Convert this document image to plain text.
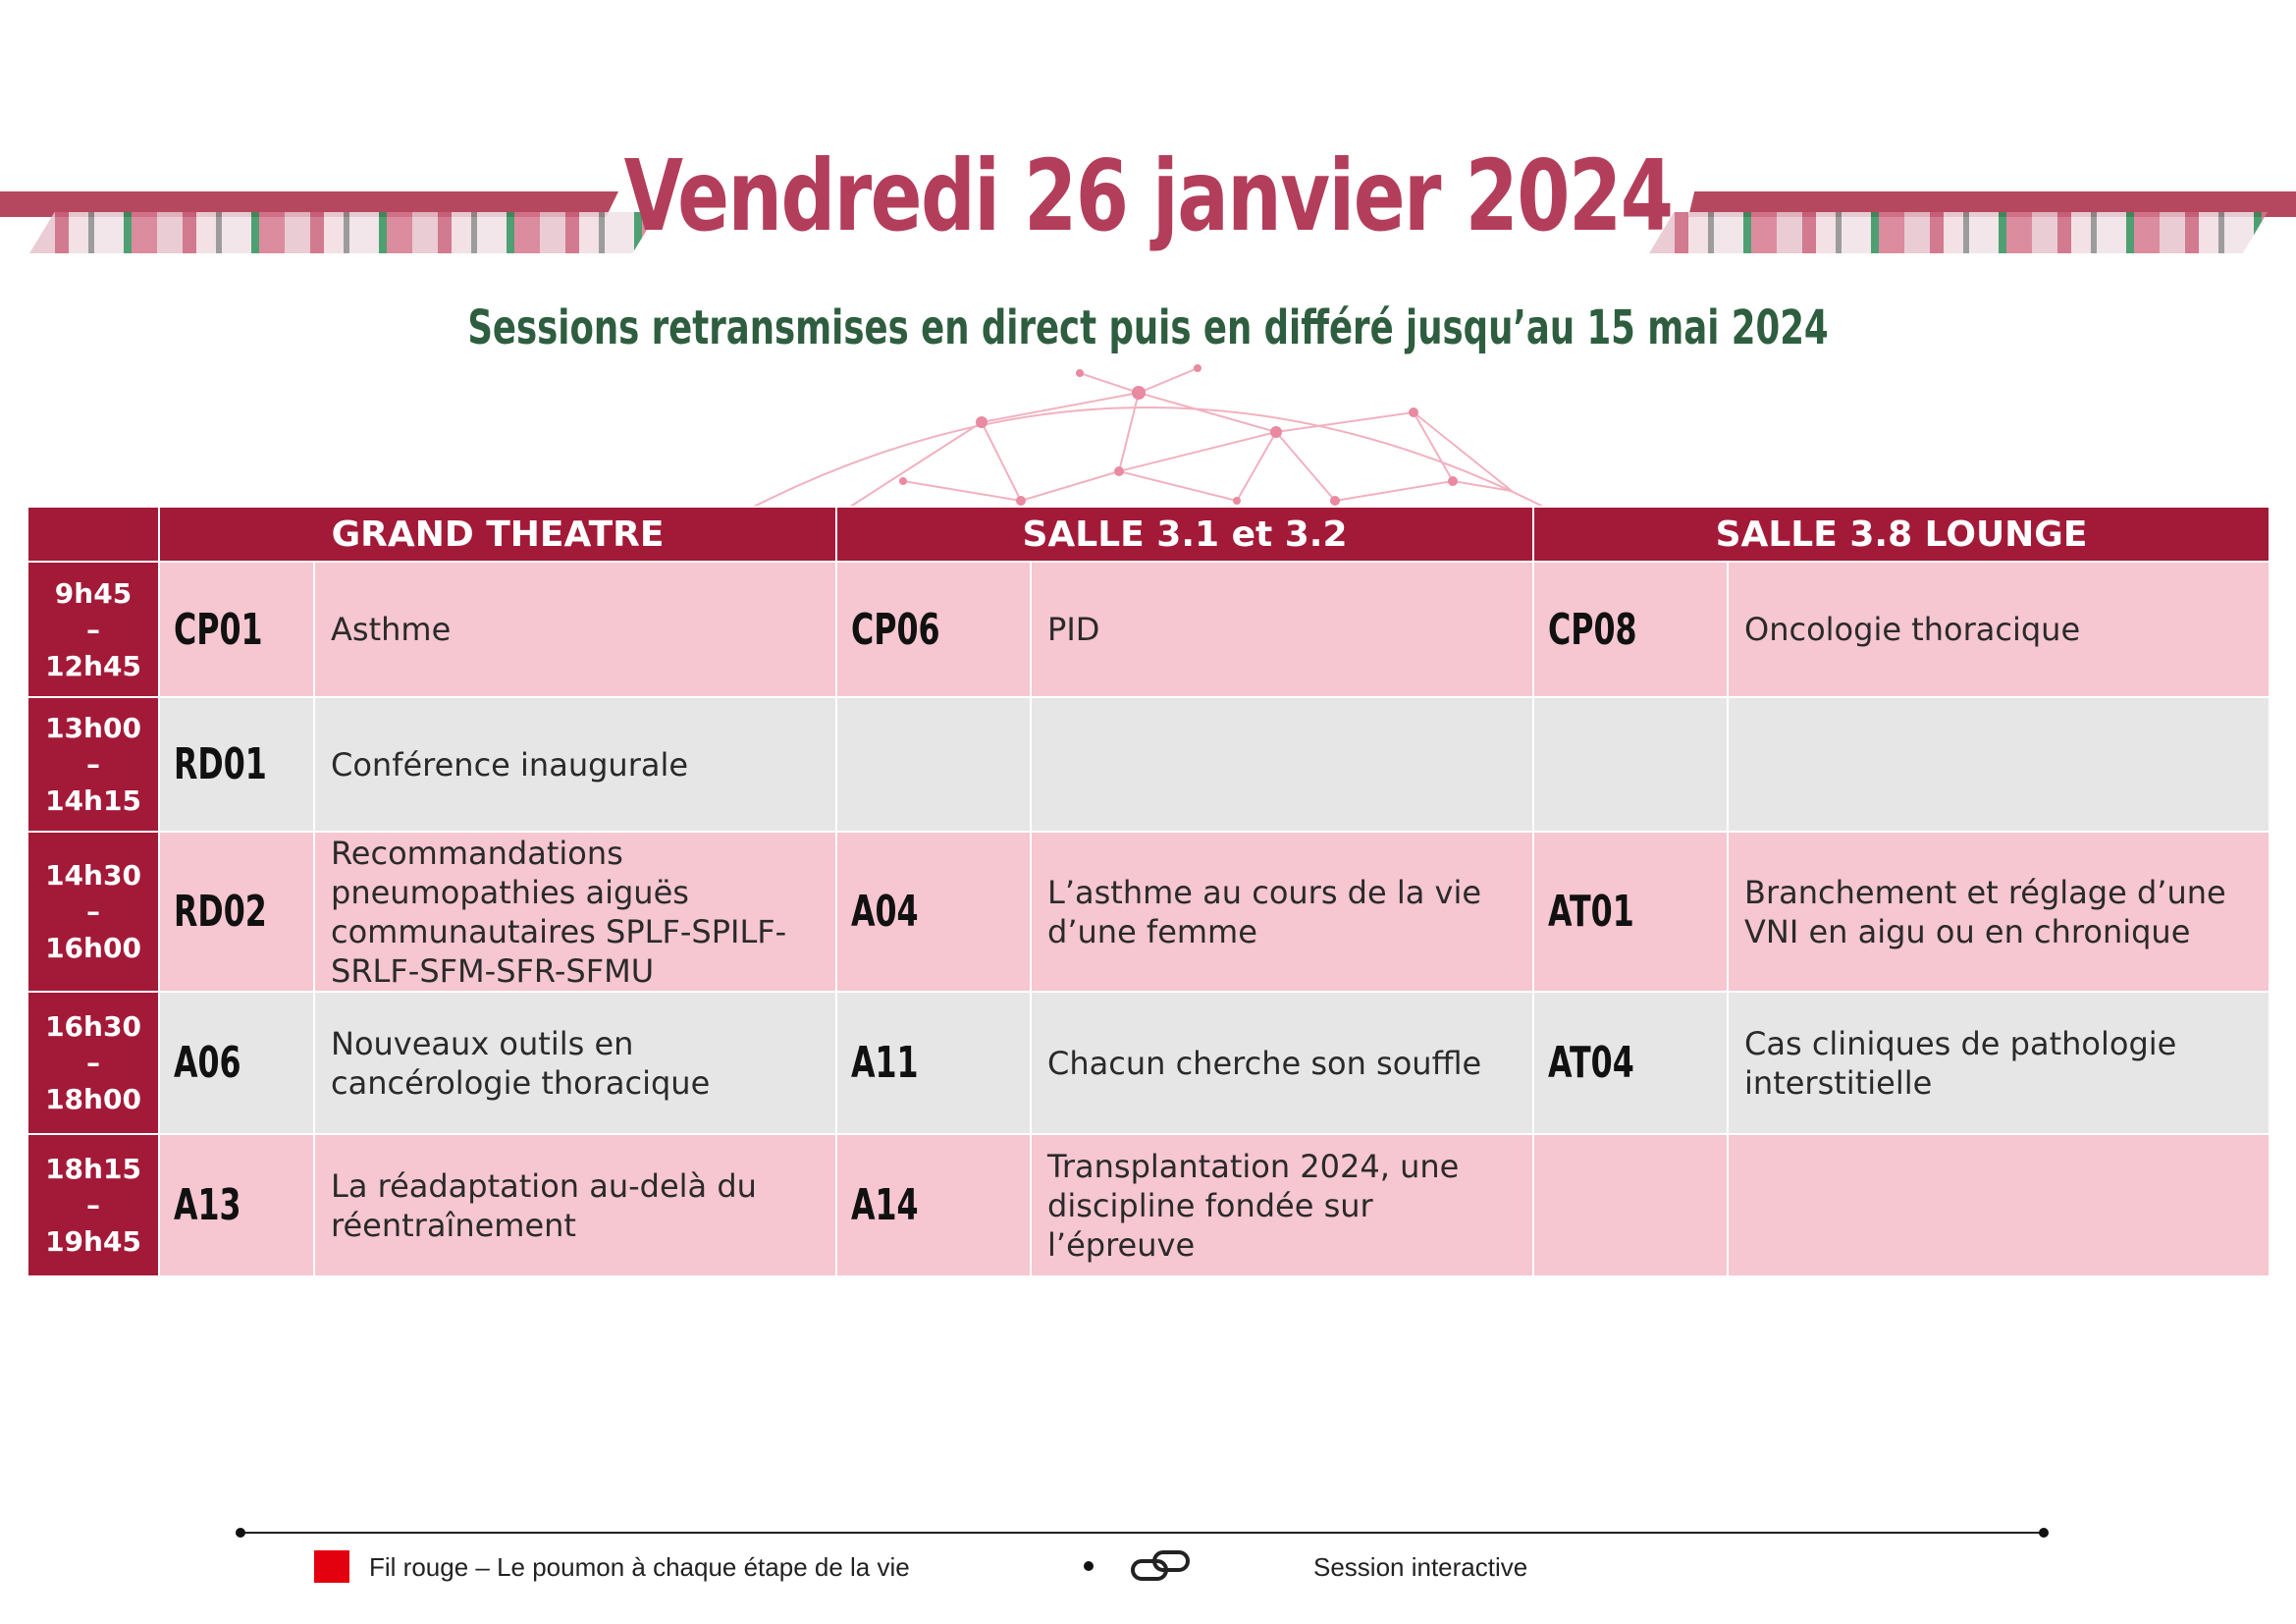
Vendredi 26 janvier 2024
Sessions retransmises en direct puis en différé jusqu’au 15 mai 2024
	GRAND THEATRE		SALLE 3.1 et 3.2		SALLE 3.8 LOUNGE	

9h45
–
12h45	CP01	Asthme	CP06	PID	CP08	Oncologie thoracique

13h00
–
14h15	RD01	Conférence inaugurale				

14h30
–
16h00	RD02	Recommandations pneumopathies aiguës communautaires SPLF-SPILF-SRLF-SFM-SFR-SFMU	A04	L’asthme au cours de la vie d’une femme	AT01	Branchement et réglage d’une VNI en aigu ou en chronique

16h30
–
18h00	A06	Nouveaux outils en cancérologie thoracique	A11	Chacun cherche son souffle	AT04	Cas cliniques de pathologie interstitielle

18h15
–
19h45	A13	La réadaptation au-delà du réentraînement	A14	Transplantation 2024, une discipline fondée sur l’épreuve		
Fil rouge – Le poumon à chaque étape de la vie	Session interactive
